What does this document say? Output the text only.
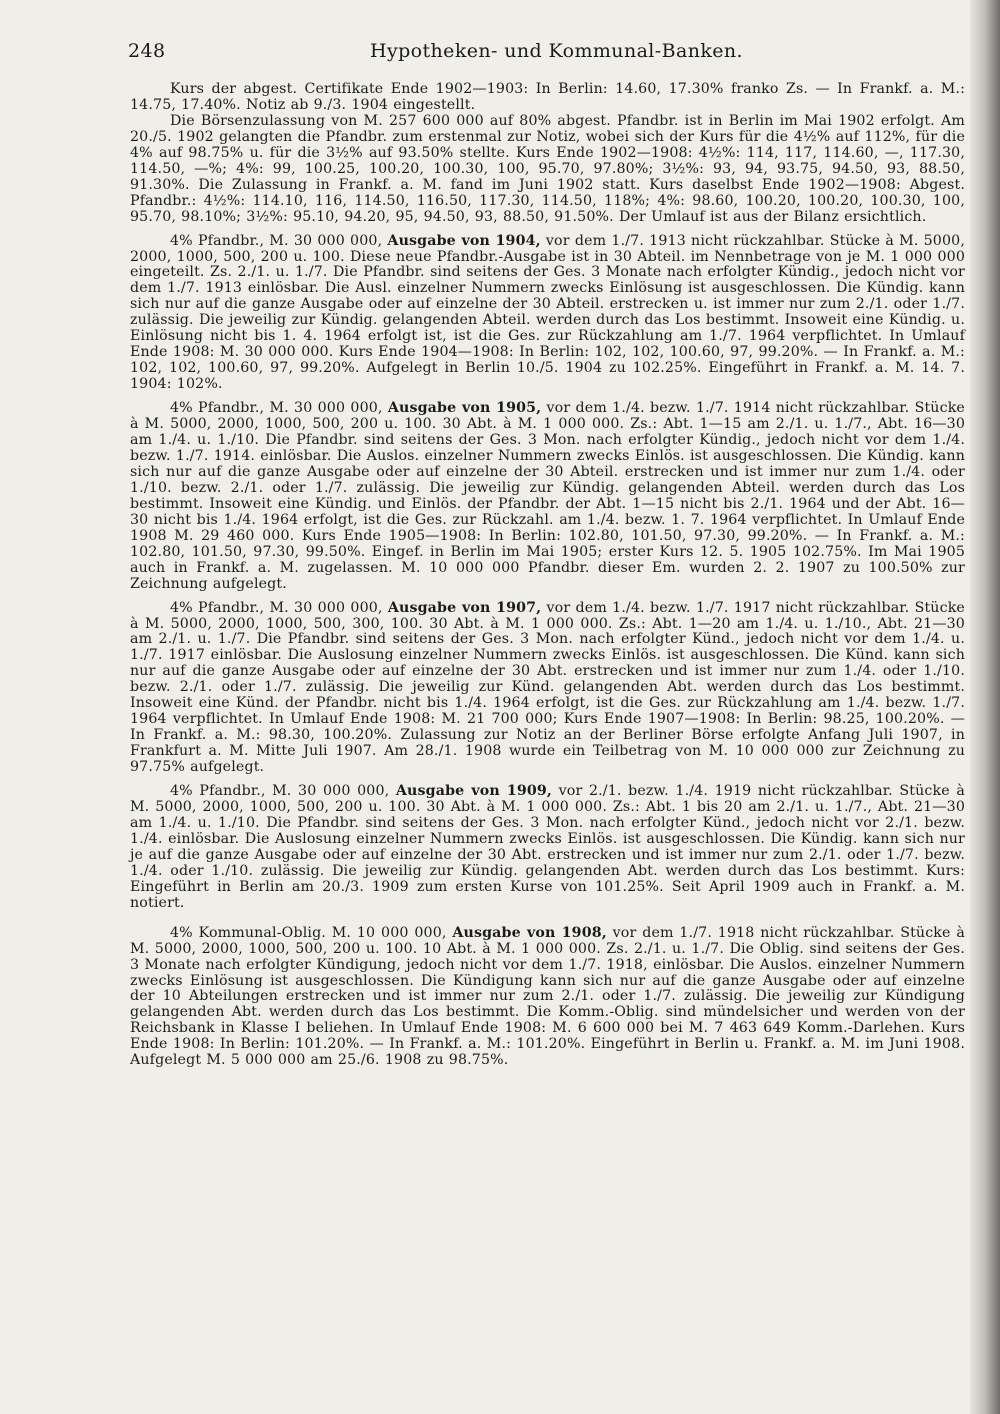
248	Hypotheken- und Kommunal-Banken.

Kurs der abgest. Certifikate Ende 1902—1903: In Berlin: 14.60, 17.30% franko Zs. — In Frankf. a. M.: 14.75, 17.40%. Notiz ab 9./3. 1904 eingestellt.

Die Börsenzulassung von M. 257 600 000 auf 80% abgest. Pfandbr. ist in Berlin im Mai 1902 erfolgt. Am 20./5. 1902 gelangten die Pfandbr. zum erstenmal zur Notiz, wobei sich der Kurs für die 4½% auf 112%, für die 4% auf 98.75% u. für die 3½% auf 93.50% stellte. Kurs Ende 1902—1908: 4½%: 114, 117, 114.60, —, 117.30, 114.50, —%; 4%: 99, 100.25, 100.20, 100.30, 100, 95.70, 97.80%; 3½%: 93, 94, 93.75, 94.50, 93, 88.50, 91.30%. Die Zulassung in Frankf. a. M. fand im Juni 1902 statt. Kurs daselbst Ende 1902—1908: Abgest. Pfandbr.: 4½%: 114.10, 116, 114.50, 116.50, 117.30, 114.50, 118%; 4%: 98.60, 100.20, 100.20, 100.30, 100, 95.70, 98.10%; 3½%: 95.10, 94.20, 95, 94.50, 93, 88.50, 91.50%. Der Umlauf ist aus der Bilanz ersichtlich.

4% Pfandbr., M. 30 000 000, Ausgabe von 1904, vor dem 1./7. 1913 nicht rückzahlbar. Stücke à M. 5000, 2000, 1000, 500, 200 u. 100. Diese neue Pfandbr.-Ausgabe ist in 30 Abteil. im Nennbetrage von je M. 1 000 000 eingeteilt. Zs. 2./1. u. 1./7. Die Pfandbr. sind seitens der Ges. 3 Monate nach erfolgter Kündig., jedoch nicht vor dem 1./7. 1913 einlösbar. Die Ausl. einzelner Nummern zwecks Einlösung ist ausgeschlossen. Die Kündig. kann sich nur auf die ganze Ausgabe oder auf einzelne der 30 Abteil. erstrecken u. ist immer nur zum 2./1. oder 1./7. zulässig. Die jeweilig zur Kündig. gelangenden Abteil. werden durch das Los bestimmt. Insoweit eine Kündig. u. Einlösung nicht bis 1. 4. 1964 erfolgt ist, ist die Ges. zur Rückzahlung am 1./7. 1964 verpflichtet. In Umlauf Ende 1908: M. 30 000 000. Kurs Ende 1904—1908: In Berlin: 102, 102, 100.60, 97, 99.20%. — In Frankf. a. M.: 102, 102, 100.60, 97, 99.20%. Aufgelegt in Berlin 10./5. 1904 zu 102.25%. Eingeführt in Frankf. a. M. 14. 7. 1904: 102%.

4% Pfandbr., M. 30 000 000, Ausgabe von 1905, vor dem 1./4. bezw. 1./7. 1914 nicht rückzahlbar. Stücke à M. 5000, 2000, 1000, 500, 200 u. 100. 30 Abt. à M. 1 000 000. Zs.: Abt. 1—15 am 2./1. u. 1./7., Abt. 16—30 am 1./4. u. 1./10. Die Pfandbr. sind seitens der Ges. 3 Mon. nach erfolgter Kündig., jedoch nicht vor dem 1./4. bezw. 1./7. 1914. einlösbar. Die Auslos. einzelner Nummern zwecks Einlös. ist ausgeschlossen. Die Kündig. kann sich nur auf die ganze Ausgabe oder auf einzelne der 30 Abteil. erstrecken und ist immer nur zum 1./4. oder 1./10. bezw. 2./1. oder 1./7. zulässig. Die jeweilig zur Kündig. gelangenden Abteil. werden durch das Los bestimmt. Insoweit eine Kündig. und Einlös. der Pfandbr. der Abt. 1—15 nicht bis 2./1. 1964 und der Abt. 16—30 nicht bis 1./4. 1964 erfolgt, ist die Ges. zur Rückzahl. am 1./4. bezw. 1. 7. 1964 verpflichtet. In Umlauf Ende 1908 M. 29 460 000. Kurs Ende 1905—1908: In Berlin: 102.80, 101.50, 97.30, 99.20%. — In Frankf. a. M.: 102.80, 101.50, 97.30, 99.50%. Eingef. in Berlin im Mai 1905; erster Kurs 12. 5. 1905 102.75%. Im Mai 1905 auch in Frankf. a. M. zugelassen. M. 10 000 000 Pfandbr. dieser Em. wurden 2. 2. 1907 zu 100.50% zur Zeichnung aufgelegt.

4% Pfandbr., M. 30 000 000, Ausgabe von 1907, vor dem 1./4. bezw. 1./7. 1917 nicht rückzahlbar. Stücke à M. 5000, 2000, 1000, 500, 300, 100. 30 Abt. à M. 1 000 000. Zs.: Abt. 1—20 am 1./4. u. 1./10., Abt. 21—30 am 2./1. u. 1./7. Die Pfandbr. sind seitens der Ges. 3 Mon. nach erfolgter Künd., jedoch nicht vor dem 1./4. u. 1./7. 1917 einlösbar. Die Auslosung einzelner Nummern zwecks Einlös. ist ausgeschlossen. Die Künd. kann sich nur auf die ganze Ausgabe oder auf einzelne der 30 Abt. erstrecken und ist immer nur zum 1./4. oder 1./10. bezw. 2./1. oder 1./7. zulässig. Die jeweilig zur Künd. gelangenden Abt. werden durch das Los bestimmt. Insoweit eine Künd. der Pfandbr. nicht bis 1./4. 1964 erfolgt, ist die Ges. zur Rückzahlung am 1./4. bezw. 1./7. 1964 verpflichtet. In Umlauf Ende 1908: M. 21 700 000; Kurs Ende 1907—1908: In Berlin: 98.25, 100.20%. — In Frankf. a. M.: 98.30, 100.20%. Zulassung zur Notiz an der Berliner Börse erfolgte Anfang Juli 1907, in Frankfurt a. M. Mitte Juli 1907. Am 28./1. 1908 wurde ein Teilbetrag von M. 10 000 000 zur Zeichnung zu 97.75% aufgelegt.

4% Pfandbr., M. 30 000 000, Ausgabe von 1909, vor 2./1. bezw. 1./4. 1919 nicht rückzahlbar. Stücke à M. 5000, 2000, 1000, 500, 200 u. 100. 30 Abt. à M. 1 000 000. Zs.: Abt. 1 bis 20 am 2./1. u. 1./7., Abt. 21—30 am 1./4. u. 1./10. Die Pfandbr. sind seitens der Ges. 3 Mon. nach erfolgter Künd., jedoch nicht vor 2./1. bezw. 1./4. einlösbar. Die Auslosung einzelner Nummern zwecks Einlös. ist ausgeschlossen. Die Kündig. kann sich nur je auf die ganze Ausgabe oder auf einzelne der 30 Abt. erstrecken und ist immer nur zum 2./1. oder 1./7. bezw. 1./4. oder 1./10. zulässig. Die jeweilig zur Kündig. gelangenden Abt. werden durch das Los bestimmt. Kurs: Eingeführt in Berlin am 20./3. 1909 zum ersten Kurse von 101.25%. Seit April 1909 auch in Frankf. a. M. notiert.

4% Kommunal-Oblig. M. 10 000 000, Ausgabe von 1908, vor dem 1./7. 1918 nicht rückzahlbar. Stücke à M. 5000, 2000, 1000, 500, 200 u. 100. 10 Abt. à M. 1 000 000. Zs. 2./1. u. 1./7. Die Oblig. sind seitens der Ges. 3 Monate nach erfolgter Kündigung, jedoch nicht vor dem 1./7. 1918, einlösbar. Die Auslos. einzelner Nummern zwecks Einlösung ist ausgeschlossen. Die Kündigung kann sich nur auf die ganze Ausgabe oder auf einzelne der 10 Abteilungen erstrecken und ist immer nur zum 2./1. oder 1./7. zulässig. Die jeweilig zur Kündigung gelangenden Abt. werden durch das Los bestimmt. Die Komm.-Oblig. sind mündelsicher und werden von der Reichsbank in Klasse I beliehen. In Umlauf Ende 1908: M. 6 600 000 bei M. 7 463 649 Komm.-Darlehen. Kurs Ende 1908: In Berlin: 101.20%. — In Frankf. a. M.: 101.20%. Eingeführt in Berlin u. Frankf. a. M. im Juni 1908. Aufgelegt M. 5 000 000 am 25./6. 1908 zu 98.75%.
